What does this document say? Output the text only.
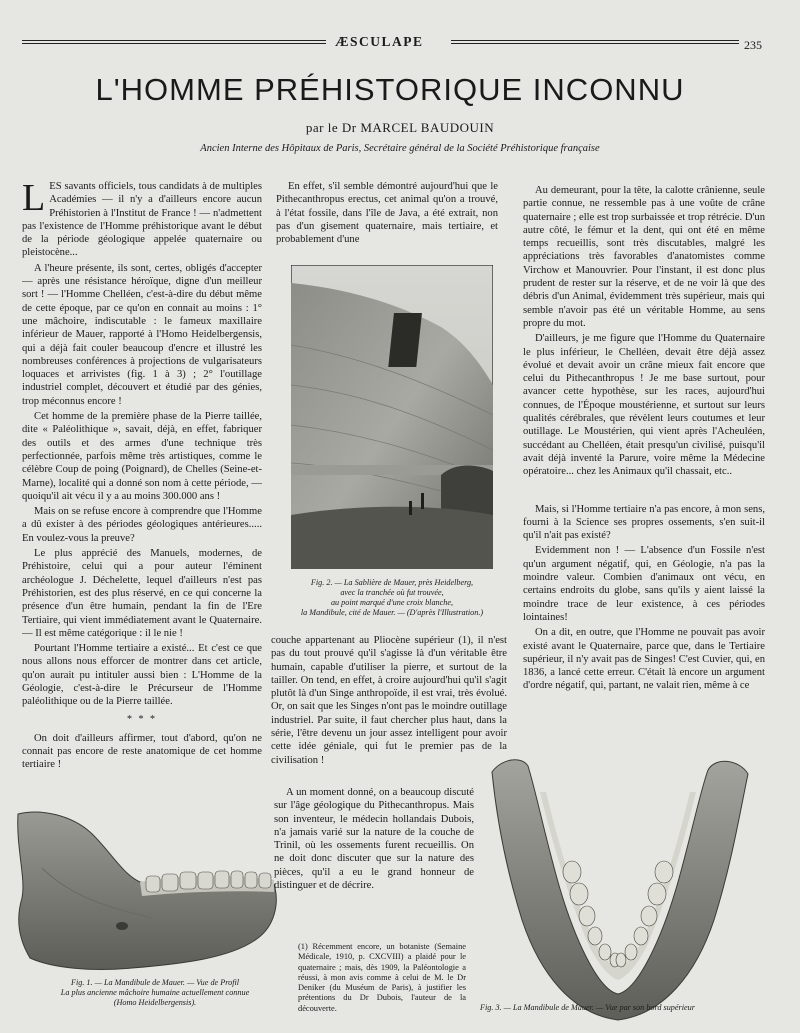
ÆSCULAPE	235
L'HOMME PRÉHISTORIQUE INCONNU
par le Dr MARCEL BAUDOUIN
Ancien Interne des Hôpitaux de Paris, Secrétaire général de la Société Préhistorique française

LES savants officiels, tous candidats à de multiples Académies — il n'y a d'ailleurs encore aucun Préhistorien à l'Institut de France ! — n'admettent pas l'existence de l'Homme préhistorique avant le début de la période géologique appelée quaternaire ou pleistocène...

A l'heure présente, ils sont, certes, obligés d'accepter — après une résistance héroïque, digne d'un meilleur sort ! — l'Homme Chelléen, c'est-à-dire du début même de cette époque, par ce qu'on en connait au moins : 1° une mâchoire, indiscutable : le fameux maxillaire inférieur de Mauer, rapporté à l'Homo Heidelbergensis, qui a déjà fait couler beaucoup d'encre et illustré les nombreuses conférences à projections de vulgarisateurs loquaces et arrivistes (fig. 1 à 3) ; 2° l'outillage industriel complet, découvert et étudié par des génies, trop méconnus encore !

Cet homme de la première phase de la Pierre taillée, dite « Paléolithique », savait, déjà, en effet, fabriquer des outils et des armes d'une technique très perfectionnée, parfois même très artistiques, comme le célèbre Coup de poing (Poignard), de Chelles (Seine-et-Marne), localité qui a donné son nom à cette période, — quoiqu'il ait vécu il y a au moins 300.000 ans !

Mais on se refuse encore à comprendre que l'Homme a dû exister à des périodes géologiques antérieures..... En voulez-vous la preuve?

Le plus apprécié des Manuels, modernes, de Préhistoire, celui qui a pour auteur l'éminent archéologue J. Déchelette, lequel d'ailleurs n'est pas Préhistorien, est des plus réservé, en ce qui concerne la présence d'un être humain, pendant la fin de l'Ere Tertiaire, qui vient immédiatement avant le Quaternaire. — Il est même catégorique : il le nie !

Pourtant l'Homme tertiaire a existé... Et c'est ce que nous allons nous efforcer de montrer dans cet article, qu'on aurait pu intituler aussi bien : L'Homme de la Géologie, c'est-à-dire le Précurseur de l'Homme paléolithique ou de la Pierre taillée.

* * *

On doit d'ailleurs affirmer, tout d'abord, qu'on ne connait pas encore de reste anatomique de cet homme tertiaire !

Fig. 1. — La Mandibule de Mauer. — Vue de Profil
La plus ancienne mâchoire humaine actuellement connue
(Homo Heidelbergensis).

En effet, s'il semble démontré aujourd'hui que le Pithecanthropus erectus, cet animal qu'on a trouvé, à l'état fossile, dans l'île de Java, a été extrait, non pas d'un gisement quaternaire, mais tertiaire, et probablement d'une

Fig. 2. — La Sablière de Mauer, près Heidelberg,
avec la tranchée où fut trouvée,
au point marqué d'une croix blanche,
la Mandibule, cité de Mauer. — (D'après l'Illustration.)

couche appartenant au Pliocène supérieur (1), il n'est pas du tout prouvé qu'il s'agisse là d'un véritable être humain, capable d'utiliser la pierre, et surtout de la tailler. On tend, en effet, à croire aujourd'hui qu'il s'agit plutôt là d'un Singe anthropoïde, il est vrai, très évolué. Or, on sait que les Singes n'ont pas le moindre outillage industriel. Par suite, il faut chercher plus haut, dans la série, l'être devenu un jour assez intelligent pour avoir cette idée géniale, qui fut le premier pas de la civilisation !

A un moment donné, on a beaucoup discuté sur l'âge géologique du Pithecanthropus. Mais son inventeur, le médecin hollandais Dubois, n'a jamais varié sur la nature de la couche de Trinil, où les ossements furent recueillis. On ne doit donc discuter que sur la nature des pièces, qu'il a eu le grand honneur de distinguer et de décrire.

(1) Récemment encore, un botaniste (Semaine Médicale, 1910, p. CXCVIII) a plaidé pour le quaternaire ; mais, dès 1909, la Paléontologie a réussi, à mon avis comme à celui de M. le Dr Deniker (du Muséum de Paris), à justifier les prétentions du Dr Dubois, l'auteur de la découverte.

Au demeurant, pour la tête, la calotte crânienne, seule partie connue, ne ressemble pas à une voûte de crâne quaternaire ; elle est trop surbaissée et trop rétrécie. D'un autre côté, le fémur et la dent, qui ont été en même temps recueillis, sont très discutables, malgré les appréciations très favorables d'anatomistes comme Virchow et Manouvrier. Pour l'instant, il est donc plus prudent de rester sur la réserve, et de ne voir là que des débris d'un Animal, évidemment très supérieur, mais qui semble n'avoir pas été un véritable Homme, au sens propre du mot.

D'ailleurs, je me figure que l'Homme du Quaternaire le plus inférieur, le Chelléen, devait être déjà assez évolué et devait avoir un crâne mieux fait encore que celui du Pithecanthropus ! Je me base surtout, pour avancer cette hypothèse, sur les races, aujourd'hui connues, de l'Époque moustérienne, et surtout sur leurs qualités cérébrales, que révèlent leurs coutumes et leur outillage. Le Moustérien, qui vient après l'Acheuléen, succédant au Chelléen, était presqu'un civilisé, puisqu'il avait déjà inventé la Parure, voire même la Médecine opératoire... chez les Animaux qu'il chassait, etc..

Mais, si l'Homme tertiaire n'a pas encore, à mon sens, fourni à la Science ses propres ossements, s'en suit-il qu'il n'ait pas existé?

Evidemment non ! — L'absence d'un Fossile n'est qu'un argument négatif, qui, en Géologie, n'a pas la moindre valeur. Combien d'animaux ont vécu, en certains endroits du globe, sans qu'ils y aient laissé la moindre trace de leur existence, à ces périodes lointaines!

On a dit, en outre, que l'Homme ne pouvait pas avoir existé avant le Quaternaire, parce que, dans le Tertiaire supérieur, il n'y avait pas de Singes! C'est Cuvier, qui, en 1836, a lancé cette erreur. C'était là encore un argument d'ordre négatif, qui, partant, ne valait rien, même à ce

Fig. 3. — La Mandibule de Mauer. — Vue par son bord supérieur
